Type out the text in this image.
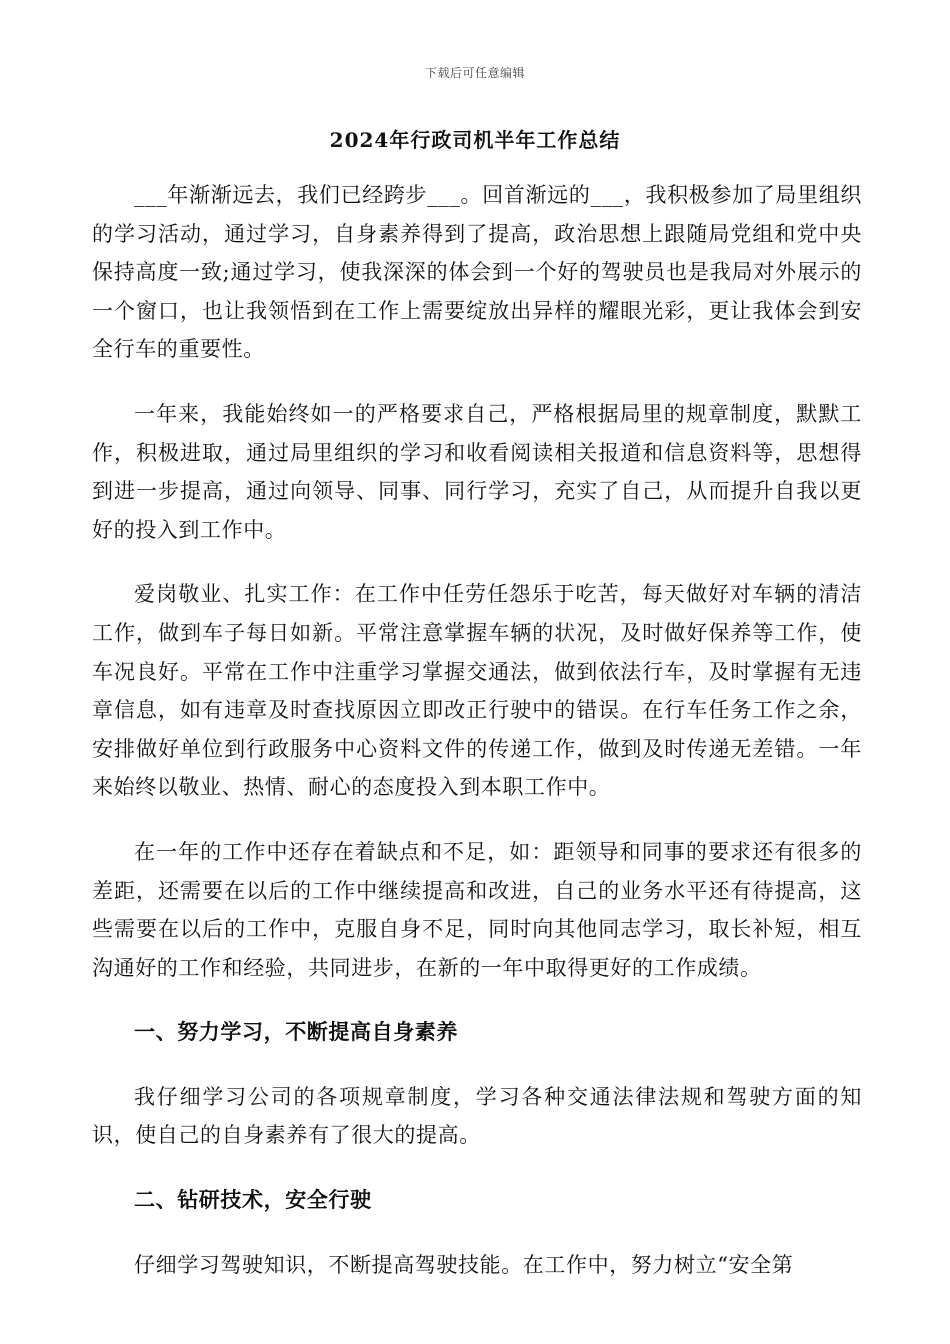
下载后可任意编辑
2024年行政司机半年工作总结

___年渐渐远去，我们已经跨步___。回首渐远的___，我积极参加了局里组织的学习活动，通过学习，自身素养得到了提高，政治思想上跟随局党组和党中央保持高度一致;通过学习，使我深深的体会到一个好的驾驶员也是我局对外展示的一个窗口，也让我领悟到在工作上需要绽放出异样的耀眼光彩，更让我体会到安全行车的重要性。

一年来，我能始终如一的严格要求自己，严格根据局里的规章制度，默默工作，积极进取，通过局里组织的学习和收看阅读相关报道和信息资料等，思想得到进一步提高，通过向领导、同事、同行学习，充实了自己，从而提升自我以更好的投入到工作中。

爱岗敬业、扎实工作：在工作中任劳任怨乐于吃苦，每天做好对车辆的清洁工作，做到车子每日如新。平常注意掌握车辆的状况，及时做好保养等工作，使车况良好。平常在工作中注重学习掌握交通法，做到依法行车，及时掌握有无违章信息，如有违章及时查找原因立即改正行驶中的错误。在行车任务工作之余，安排做好单位到行政服务中心资料文件的传递工作，做到及时传递无差错。一年来始终以敬业、热情、耐心的态度投入到本职工作中。

在一年的工作中还存在着缺点和不足，如：距领导和同事的要求还有很多的差距，还需要在以后的工作中继续提高和改进，自己的业务水平还有待提高，这些需要在以后的工作中，克服自身不足，同时向其他同志学习，取长补短，相互沟通好的工作和经验，共同进步，在新的一年中取得更好的工作成绩。

一、努力学习，不断提高自身素养

我仔细学习公司的各项规章制度，学习各种交通法律法规和驾驶方面的知识，使自己的自身素养有了很大的提高。

二、钻研技术，安全行驶

仔细学习驾驶知识，不断提高驾驶技能。在工作中，努力树立“安全第
